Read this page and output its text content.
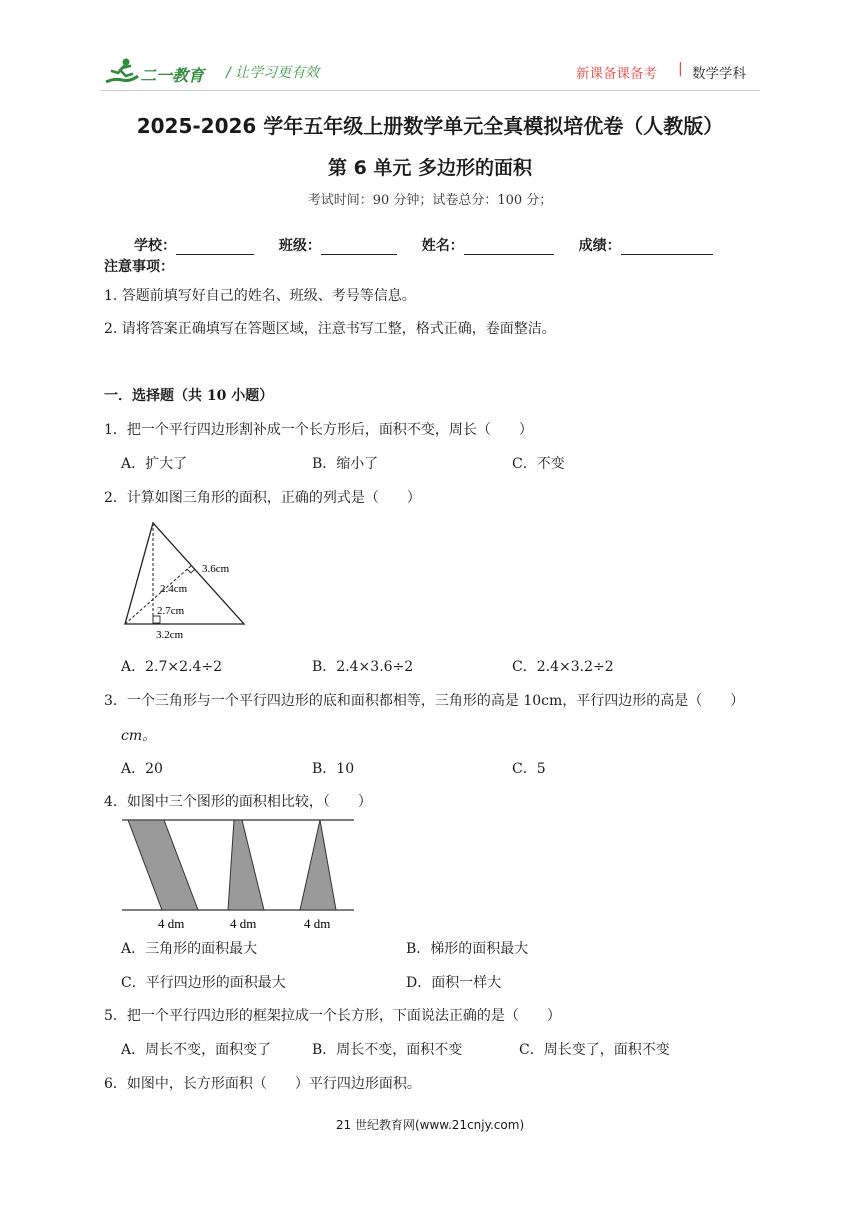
二一教育 / 让学习更有效	新课备课备考 | 数学学科
2025-2026 学年五年级上册数学单元全真模拟培优卷（人教版）
第 6 单元 多边形的面积
考试时间：90 分钟；试卷总分：100 分；
学校：	班级：	姓名：	成绩：
注意事项：
1. 答题前填写好自己的姓名、班级、考号等信息。
2. 请将答案正确填写在答题区域，注意书写工整，格式正确，卷面整洁。
一．选择题（共 10 小题）
1．把一个平行四边形割补成一个长方形后，面积不变，周长（　　）
A．扩大了	B．缩小了	C．不变
2．计算如图三角形的面积，正确的列式是（　　）
3.6cm
2.4cm
2.7cm
3.2cm
A．2.7×2.4÷2	B．2.4×3.6÷2	C．2.4×3.2÷2
3．一个三角形与一个平行四边形的底和面积都相等，三角形的高是 10cm，平行四边形的高是（　　）
cm。
A．20	B．10	C．5
4．如图中三个图形的面积相比较，（　　）
4 dm	4 dm	4 dm
A．三角形的面积最大	B．梯形的面积最大
C．平行四边形的面积最大	D．面积一样大
5．把一个平行四边形的框架拉成一个长方形，下面说法正确的是（　　）
A．周长不变，面积变了	B．周长不变，面积不变	C．周长变了，面积不变
6．如图中，长方形面积（　　）平行四边形面积。
21 世纪教育网(www.21cnjy.com)
